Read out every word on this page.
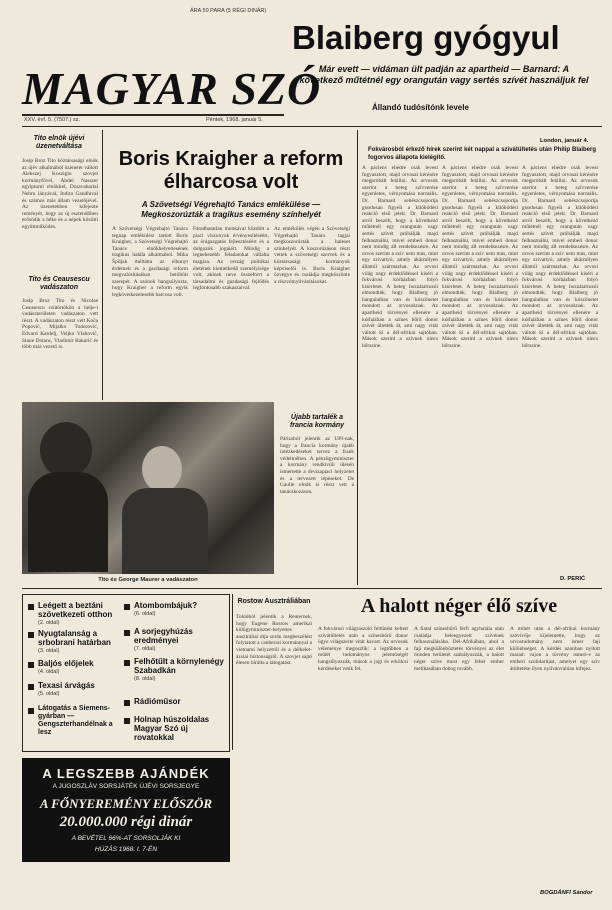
ÁRA 50 PARA (5 RÉGI DINÁR)
MAGYAR SZÓ
XXV. évf. 5. (7507.) sz.	Péntek, 1968. január 5.
Blaiberg gyógyul
Már evett — vidáman ült padján az apartheid — Barnard: A következő műtétnél egy orangután vagy sertés szívét használjuk fel
Állandó tudósítónk levele
Tito elnök újévi üzenetváltása
Josip Broz Tito köztársasági elnök az újév alkalmából üzenetet váltott Alekszej Koszigin szovjet kormányfővel, Abdel Nasszer egyiptomi elnökkel, Dzsavaharlal Nehru lányával, Indira Gandhival és számos más állam vezetőjével. Az üzenetekben kifejezte reményét, hogy az új esztendőben erősödik a béke és a népek közötti együttműködés.
Tito és Ceausescu vadászaton
Josip Broz Tito és Nicolae Ceausescu csütörtökön a belje-i vadászterületen vadászaton vett részt. A vadászaton részt vett Koča Popović, Mijalko Todorović, Edvard Kardelj, Veljko Vlahović, Stane Dolanc, Vladimir Bakarić és több más vezető is.
Boris Kraigher a reform élharcosa volt
A Szövetségi Végrehajtó Tanács emlékülése — Megkoszorúzták a tragikus esemény színhelyét
A Szövetségi Végrehajtó Tanács tegnap emlékülést tartott Boris Kraigher, a Szövetségi Végrehajtó Tanács elnökhelyettesének tragikus halála alkalmából. Mika Špiljak méltatta az elhunyt érdemeit és a gazdasági reform megvalósításában betöltött szerepét. A szónok hangsúlyozta, hogy Kraigher a reform egyik legkövetkezetesebb harcosa volt.
Fáradhatatlan munkával küzdött a piaci viszonyok érvényesítéséért, az önigazgatás fejlesztéséért és a dolgozók jogaiért. Mindig a legnehezebb feladatokat vállalta magára. Az ország politikai életének kiemelkedő személyisége volt, akinek neve összeforrt a társadalmi és gazdasági fejlődés legfontosabb szakaszaival.
Az emlékülés végén a Szövetségi Végrehajtó Tanács tagjai megkoszorúzták a baleset színhelyét. A koszorúzáson részt vettek a szövetségi szervek és a köztársasági kormányok képviselői is. Boris Kraigher özvegye és családja megköszönte a részvétnyilvánításokat.
London, január 4.
Fokvárosból érkező hírek szerint két nappal a szívátültetés után Philip Blaiberg fogorvos állapota kielégítő.
A páciens ebédre csak levest fogyasztott, majd orvosai kérésére megpróbált felállni. Az orvosok szerint a beteg szívverése egyenletes, vérnyomása normális. Dr. Barnard sebészcsoportja gondosan figyeli a kilökődési reakció első jeleit. Dr. Barnard arról beszélt, hogy a következő műtétnél egy orangután vagy sertés szívét próbálják majd felhasználni, mivel emberi donor nem mindig áll rendelkezésre. Az orvos szerint a szív nem más, mint egy szivattyú, amely akármilyen állattól származhat. Az orvosi világ nagy érdeklődéssel kíséri a fokvárosi kórházban folyó kísérletet. A beteg hozzátartozói elmondták, hogy Blaiberg jó hangulatban van és köszönetet mondott az orvosoknak. Az apartheid törvényei ellenére a kórházban a színes bőrű donor szívét ültették át, ami nagy vitát váltott ki a dél-afrikai sajtóban. Mások szerint a szívnek nincs bőrszíne.
A páciens ebédre csak levest fogyasztott, majd orvosai kérésére megpróbált felállni. Az orvosok szerint a beteg szívverése egyenletes, vérnyomása normális. Dr. Barnard sebészcsoportja gondosan figyeli a kilökődési reakció első jeleit. Dr. Barnard arról beszélt, hogy a következő műtétnél egy orangután vagy sertés szívét próbálják majd felhasználni, mivel emberi donor nem mindig áll rendelkezésre. Az orvos szerint a szív nem más, mint egy szivattyú, amely akármilyen állattól származhat. Az orvosi világ nagy érdeklődéssel kíséri a fokvárosi kórházban folyó kísérletet. A beteg hozzátartozói elmondták, hogy Blaiberg jó hangulatban van és köszönetet mondott az orvosoknak. Az apartheid törvényei ellenére a kórházban a színes bőrű donor szívét ültették át, ami nagy vitát váltott ki a dél-afrikai sajtóban. Mások szerint a szívnek nincs bőrszíne.
A páciens ebédre csak levest fogyasztott, majd orvosai kérésére megpróbált felállni. Az orvosok szerint a beteg szívverése egyenletes, vérnyomása normális. Dr. Barnard sebészcsoportja gondosan figyeli a kilökődési reakció első jeleit. Dr. Barnard arról beszélt, hogy a következő műtétnél egy orangután vagy sertés szívét próbálják majd felhasználni, mivel emberi donor nem mindig áll rendelkezésre. Az orvos szerint a szív nem más, mint egy szivattyú, amely akármilyen állattól származhat. Az orvosi világ nagy érdeklődéssel kíséri a fokvárosi kórházban folyó kísérletet. A beteg hozzátartozói elmondták, hogy Blaiberg jó hangulatban van és köszönetet mondott az orvosoknak. Az apartheid törvényei ellenére a kórházban a színes bőrű donor szívét ültették át, ami nagy vitát váltott ki a dél-afrikai sajtóban. Mások szerint a szívnek nincs bőrszíne.
D. PERIĆ
Tito és George Maurer a vadászaton
Újabb tartalék a francia kormány
Párizsból jelentik az UPI-nak, hogy a francia kormány újabb intézkedéseket tervez a frank védelmében. A pénzügyminiszter a kormány rendkívüli ülésén ismertette a devizapiaci helyzetet és a tervezett lépéseket. De Gaulle elnök is részt vett a tanácskozáson.
Leégett a beztáni szövetkezeti otthon
(2. oldal)
Nyugtalanság a srbobrani határban
(3. oldal)
Baljós előjelek
(4. oldal)
Texasi árvágás
(5. oldal)
Látogatás a Siemens-gyárban — Gengszterhandélnak a lesz
Atombombájuk?
(6. oldal)
A sorjegyhúzás eredményei
(7. oldal)
Felhőtűlt a környlenégy Szabadkán
(8. oldal)
Rádióműsor
Holnap húszoldalas Magyar Szó új rovatokkal
Rostow Ausztráliában
Tokióból jelentik a Reuternek, hogy Eugene Rostow amerikai külügyminiszter-helyettes ausztráliai útja során megbeszélést folytatott a canberrai kormánnyal a vietnami helyzetről és a délkelet-ázsiai biztonságról. A szovjet sajtó élesen bírálta a látogatást.
A LEGSZEBB AJÁNDÉK
A JUGOSZLÁV SORSJÁTÉK ÚJÉVI SORSJEGYE
A FŐNYEREMÉNY ELŐSZÖR
20.000.000 régi dinár
A BEVÉTEL 66%-AT SORSOLJÁK KI
HÚZÁS 1968. I. 7-ÉN
A halott néger élő szíve
A fokvárosi világraszóló feltűnést keltett szívátültetés után a színesbőrű donor ügye világszerte vitát kavart. Az orvosok véleménye megoszlik: a legtöbben a műtét tudományos jelentőségét hangsúlyozzák, mások a jogi és erkölcsi kérdéseket vetik fel.
A fiatal színesbőrű férfi agyhalála után családja beleegyezett szívének felhasználásába. Dél-Afrikában, ahol a faji megkülönböztetés törvényei az élet minden területét szabályozzák, a halott néger szíve most egy fehér ember mellkasában dobog tovább.
A műtét után a dél-afrikai kormány szóvivője kijelentette, hogy az orvostudomány nem ismer faji különbséget. A kérdés azonban nyitott marad: vajon a törvény ismeri-e az emberi szolidaritást, amelyet egy szív átültetése ilyen nyilvánvalóan kifejez.
BOGDÁNFI Sándor
